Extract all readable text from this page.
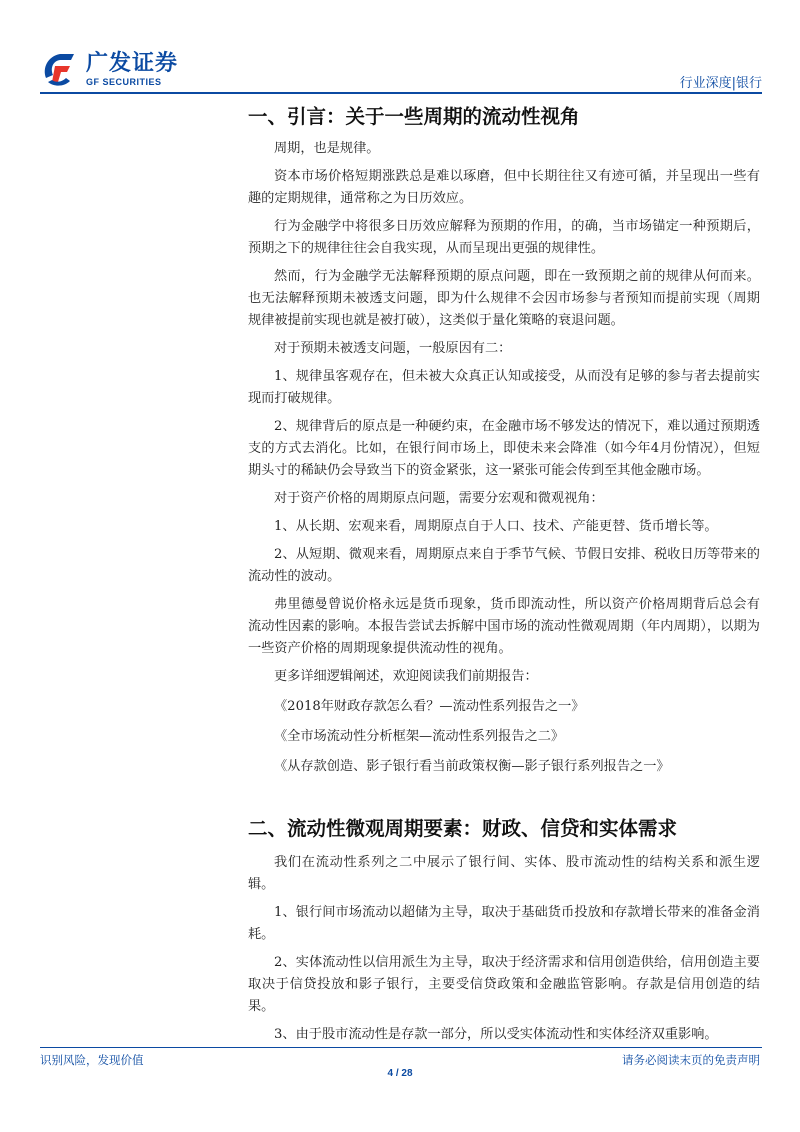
广发证券
GF SECURITIES	行业深度|银行
一、引言：关于一些周期的流动性视角

周期，也是规律。

资本市场价格短期涨跌总是难以琢磨，但中长期往往又有迹可循，并呈现出一些有趣的定期规律，通常称之为日历效应。

行为金融学中将很多日历效应解释为预期的作用，的确，当市场锚定一种预期后，预期之下的规律往往会自我实现，从而呈现出更强的规律性。

然而，行为金融学无法解释预期的原点问题，即在一致预期之前的规律从何而来。也无法解释预期未被透支问题，即为什么规律不会因市场参与者预知而提前实现（周期规律被提前实现也就是被打破），这类似于量化策略的衰退问题。

对于预期未被透支问题，一般原因有二：

1、规律虽客观存在，但未被大众真正认知或接受，从而没有足够的参与者去提前实现而打破规律。

2、规律背后的原点是一种硬约束，在金融市场不够发达的情况下，难以通过预期透支的方式去消化。比如，在银行间市场上，即使未来会降准（如今年4月份情况），但短期头寸的稀缺仍会导致当下的资金紧张，这一紧张可能会传到至其他金融市场。

对于资产价格的周期原点问题，需要分宏观和微观视角：

1、从长期、宏观来看，周期原点自于人口、技术、产能更替、货币增长等。

2、从短期、微观来看，周期原点来自于季节气候、节假日安排、税收日历等带来的流动性的波动。

弗里德曼曾说价格永远是货币现象，货币即流动性，所以资产价格周期背后总会有流动性因素的影响。本报告尝试去拆解中国市场的流动性微观周期（年内周期），以期为一些资产价格的周期现象提供流动性的视角。

更多详细逻辑阐述，欢迎阅读我们前期报告：

《2018年财政存款怎么看？—流动性系列报告之一》

《全市场流动性分析框架—流动性系列报告之二》

《从存款创造、影子银行看当前政策权衡—影子银行系列报告之一》

二、流动性微观周期要素：财政、信贷和实体需求

我们在流动性系列之二中展示了银行间、实体、股市流动性的结构关系和派生逻辑。

1、银行间市场流动以超储为主导，取决于基础货币投放和存款增长带来的准备金消耗。

2、实体流动性以信用派生为主导，取决于经济需求和信用创造供给，信用创造主要取决于信贷投放和影子银行，主要受信贷政策和金融监管影响。存款是信用创造的结果。

3、由于股市流动性是存款一部分，所以受实体流动性和实体经济双重影响。

识别风险，发现价值	请务必阅读末页的免责声明
4 / 28
